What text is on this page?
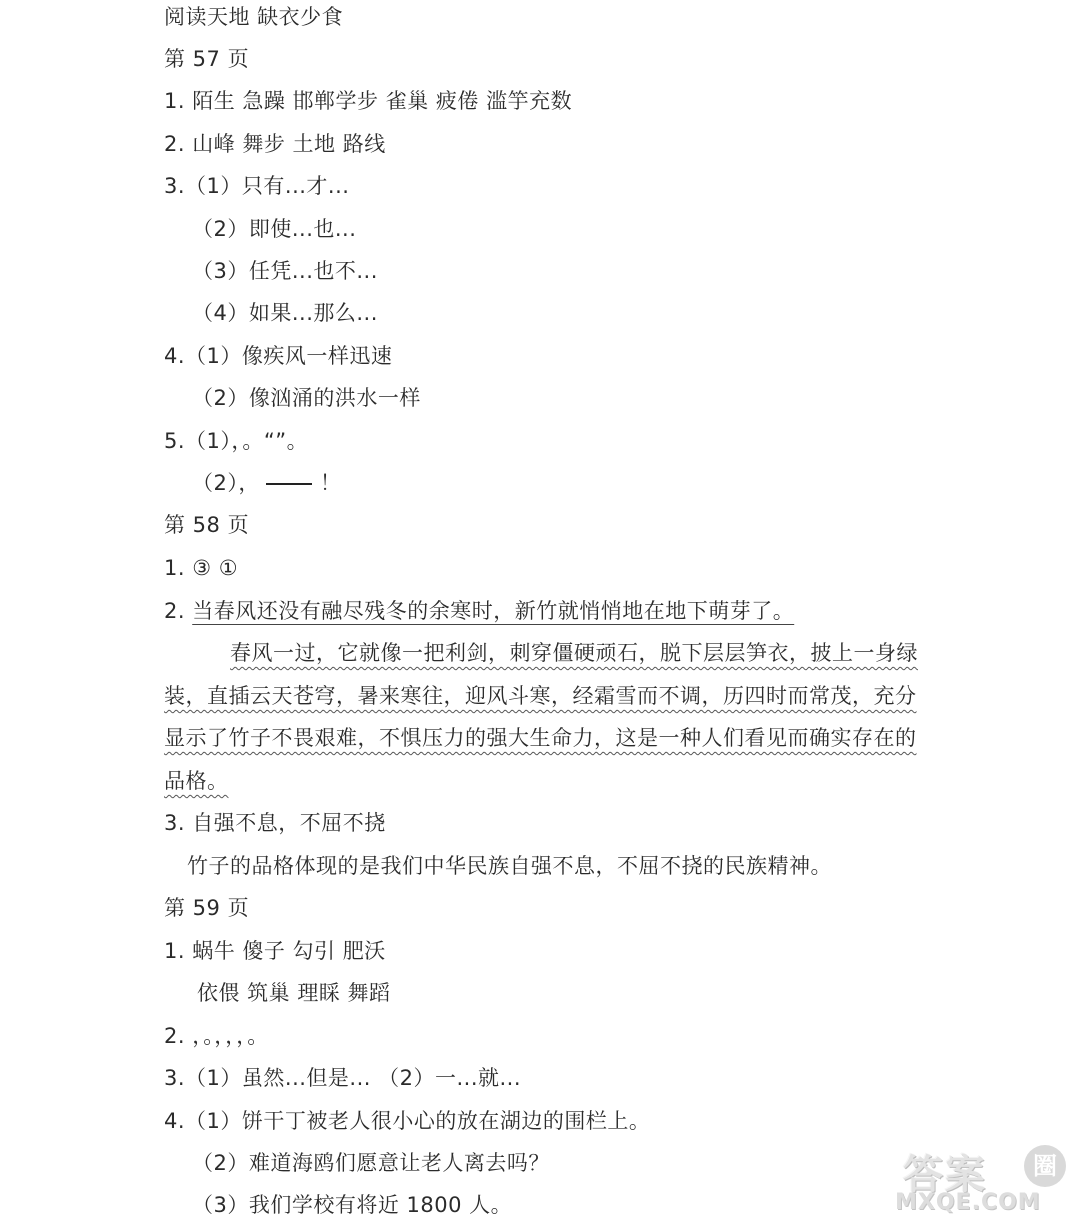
阅读天地 缺衣少食
第 57 页
1. 陌生 急躁 邯郸学步 雀巢 疲倦 滥竽充数
2. 山峰 舞步 土地 路线
3.（1）只有...才...
（2）即使...也...
（3）任凭...也不...
（4）如果...那么...
4.（1）像疾风一样迅速
（2）像汹涌的洪水一样
5.（1），。“”。
（2），	！
第 58 页
1. ③ ①
2. 当春风还没有融尽残冬的余寒时，新竹就悄悄地在地下萌芽了。
春风一过，它就像一把利剑，刺穿僵硬顽石，脱下层层笋衣，披上一身绿
装，直插云天苍穹，暑来寒往，迎风斗寒，经霜雪而不调，历四时而常茂，充分
显示了竹子不畏艰难，不惧压力的强大生命力，这是一种人们看见而确实存在的
品格。
3. 自强不息，不屈不挠
竹子的品格体现的是我们中华民族自强不息，不屈不挠的民族精神。
第 59 页
1. 蜗牛 傻子 勾引 肥沃
依偎 筑巢 理睬 舞蹈
2. ，。，，，。
3.（1）虽然...但是... （2）一...就...
4.（1）饼干丁被老人很小心的放在湖边的围栏上。
（2）难道海鸥们愿意让老人离去吗？
（3）我们学校有将近 1800 人。
答案	圈
MXQE.COM
